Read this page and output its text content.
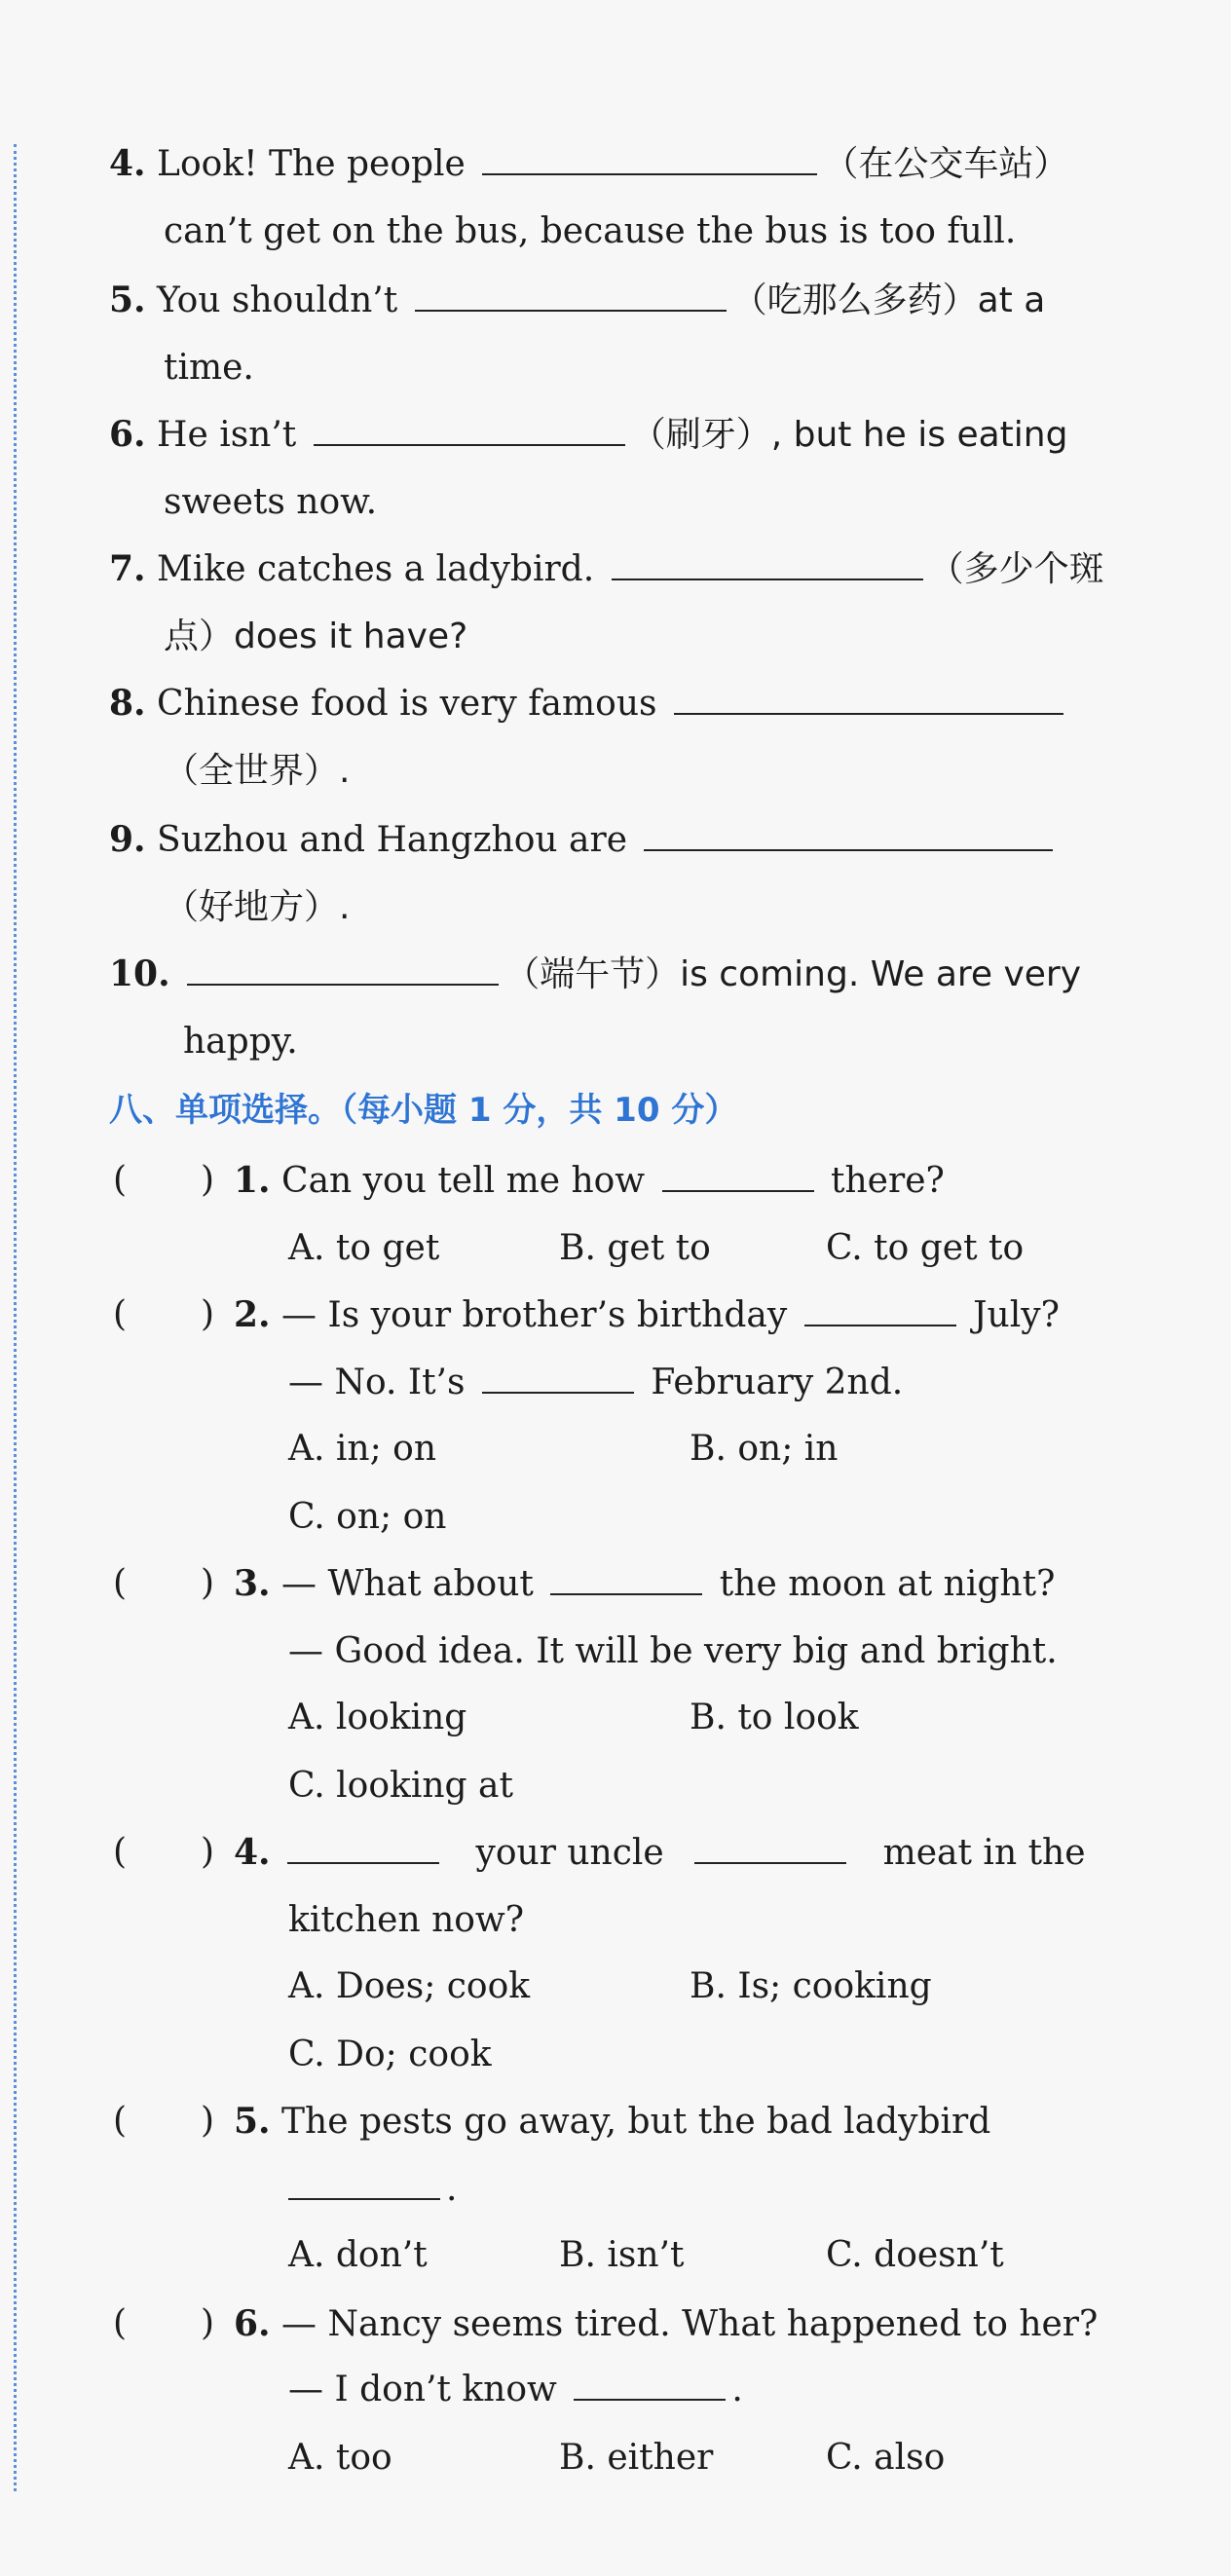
4. Look! The people	（在公交车站）
can’t get on the bus, because the bus is too full.
5. You shouldn’t	（吃那么多药）at a
time.
6. He isn’t	（刷牙）, but he is eating
sweets now.
7. Mike catches a ladybird.	（多少个斑
点）does it have?
8. Chinese food is very famous
（全世界）.
9. Suzhou and Hangzhou are
（好地方）.
10.	（端午节）is coming. We are very
happy.
八、单项选择。（每小题 1 分，共 10 分）
( ) 1. Can you tell me how	there?
A. to get	B. get to	C. to get to
( ) 2. — Is your brother’s birthday	July?
— No. It’s	February 2nd.
A. in; on	B. on; in
C. on; on
( ) 3. — What about	the moon at night?
— Good idea. It will be very big and bright.
A. looking	B. to look
C. looking at
( ) 4.	your uncle	meat in the
kitchen now?
A. Does; cook	B. Is; cooking
C. Do; cook
( ) 5. The pests go away, but the bad ladybird
.
A. don’t	B. isn’t	C. doesn’t
( ) 6. — Nancy seems tired. What happened to her?
— I don’t know	.
A. too	B. either	C. also
